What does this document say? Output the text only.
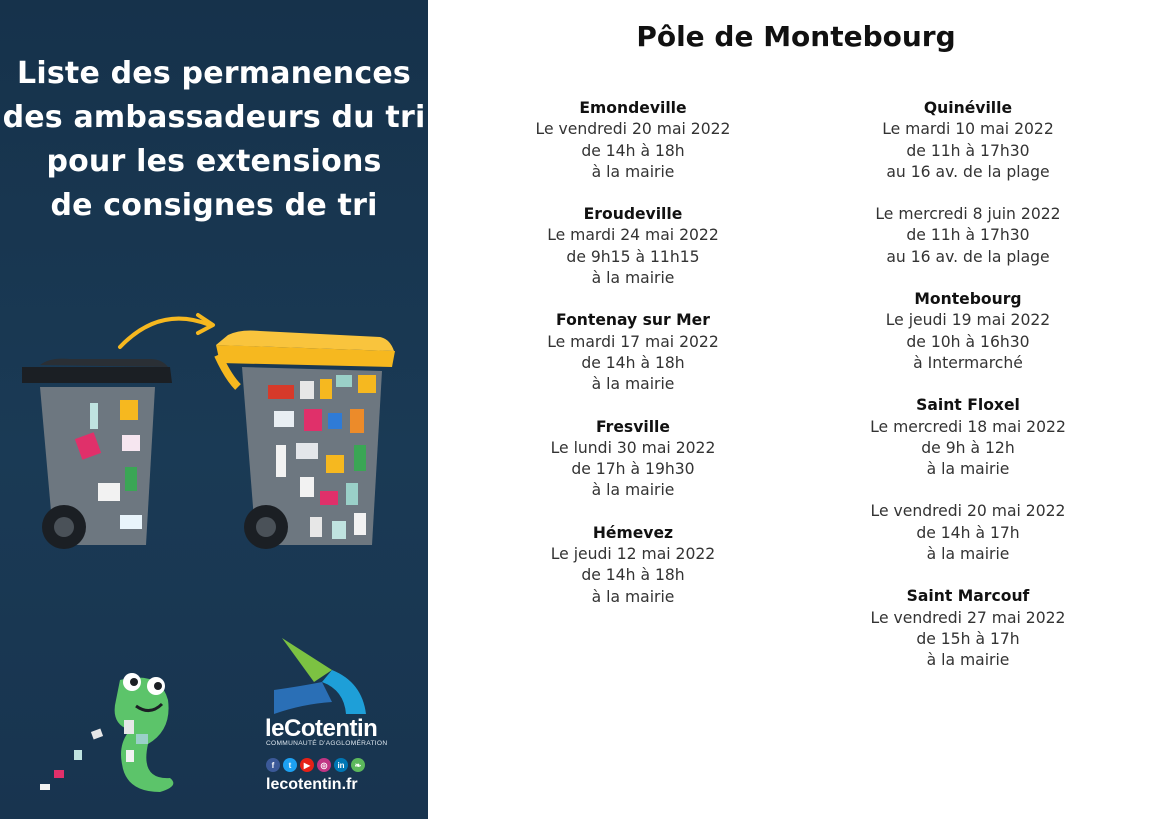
Liste des permanences
des ambassadeurs du tri
pour les extensions
de consignes de tri
leCotentin
COMMUNAUTÉ D'AGGLOMÉRATION
f	t	▶	◎	in	❧
lecotentin.fr
Pôle de Montebourg
Emondeville
Le vendredi 20 mai 2022
de 14h à 18h
à la mairie
Eroudeville
Le mardi 24 mai 2022
de 9h15 à 11h15
à la mairie
Fontenay sur Mer
Le mardi 17 mai 2022
de 14h à 18h
à la mairie
Fresville
Le lundi 30 mai 2022
de 17h à 19h30
à la mairie
Hémevez
Le jeudi 12 mai 2022
de 14h à 18h
à la mairie
Quinéville
Le mardi 10 mai 2022
de 11h à 17h30
au 16 av. de la plage
Le mercredi 8 juin 2022
de 11h à 17h30
au 16 av. de la plage
Montebourg
Le jeudi 19 mai 2022
de 10h à 16h30
à Intermarché
Saint Floxel
Le mercredi 18 mai 2022
de 9h à 12h
à la mairie
Le vendredi 20 mai 2022
de 14h à 17h
à la mairie
Saint Marcouf
Le vendredi 27 mai 2022
de 15h à 17h
à la mairie
